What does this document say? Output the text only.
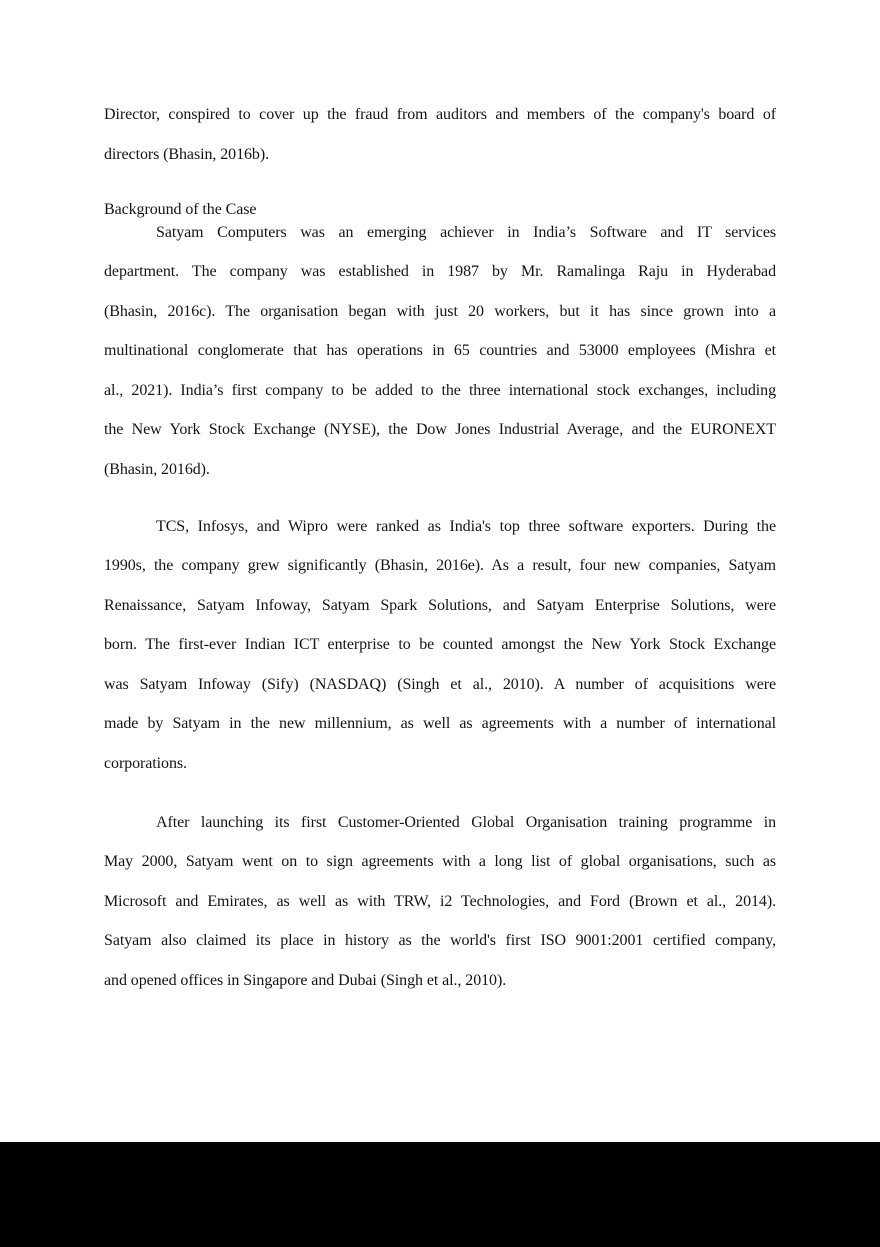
Director, conspired to cover up the fraud from auditors and members of the company's board of
directors (Bhasin, 2016b).
Background of the Case
Satyam Computers was an emerging achiever in India’s Software and IT services
department. The company was established in 1987 by Mr. Ramalinga Raju in Hyderabad
(Bhasin, 2016c). The organisation began with just 20 workers, but it has since grown into a
multinational conglomerate that has operations in 65 countries and 53000 employees (Mishra et
al., 2021). India’s first company to be added to the three international stock exchanges, including
the New York Stock Exchange (NYSE), the Dow Jones Industrial Average, and the EURONEXT
(Bhasin, 2016d).
TCS, Infosys, and Wipro were ranked as India's top three software exporters. During the
1990s, the company grew significantly (Bhasin, 2016e). As a result, four new companies, Satyam
Renaissance, Satyam Infoway, Satyam Spark Solutions, and Satyam Enterprise Solutions, were
born. The first-ever Indian ICT enterprise to be counted amongst the New York Stock Exchange
was Satyam Infoway (Sify) (NASDAQ) (Singh et al., 2010). A number of acquisitions were
made by Satyam in the new millennium, as well as agreements with a number of international
corporations.
After launching its first Customer-Oriented Global Organisation training programme in
May 2000, Satyam went on to sign agreements with a long list of global organisations, such as
Microsoft and Emirates, as well as with TRW, i2 Technologies, and Ford (Brown et al., 2014).
Satyam also claimed its place in history as the world's first ISO 9001:2001 certified company,
and opened offices in Singapore and Dubai (Singh et al., 2010).
